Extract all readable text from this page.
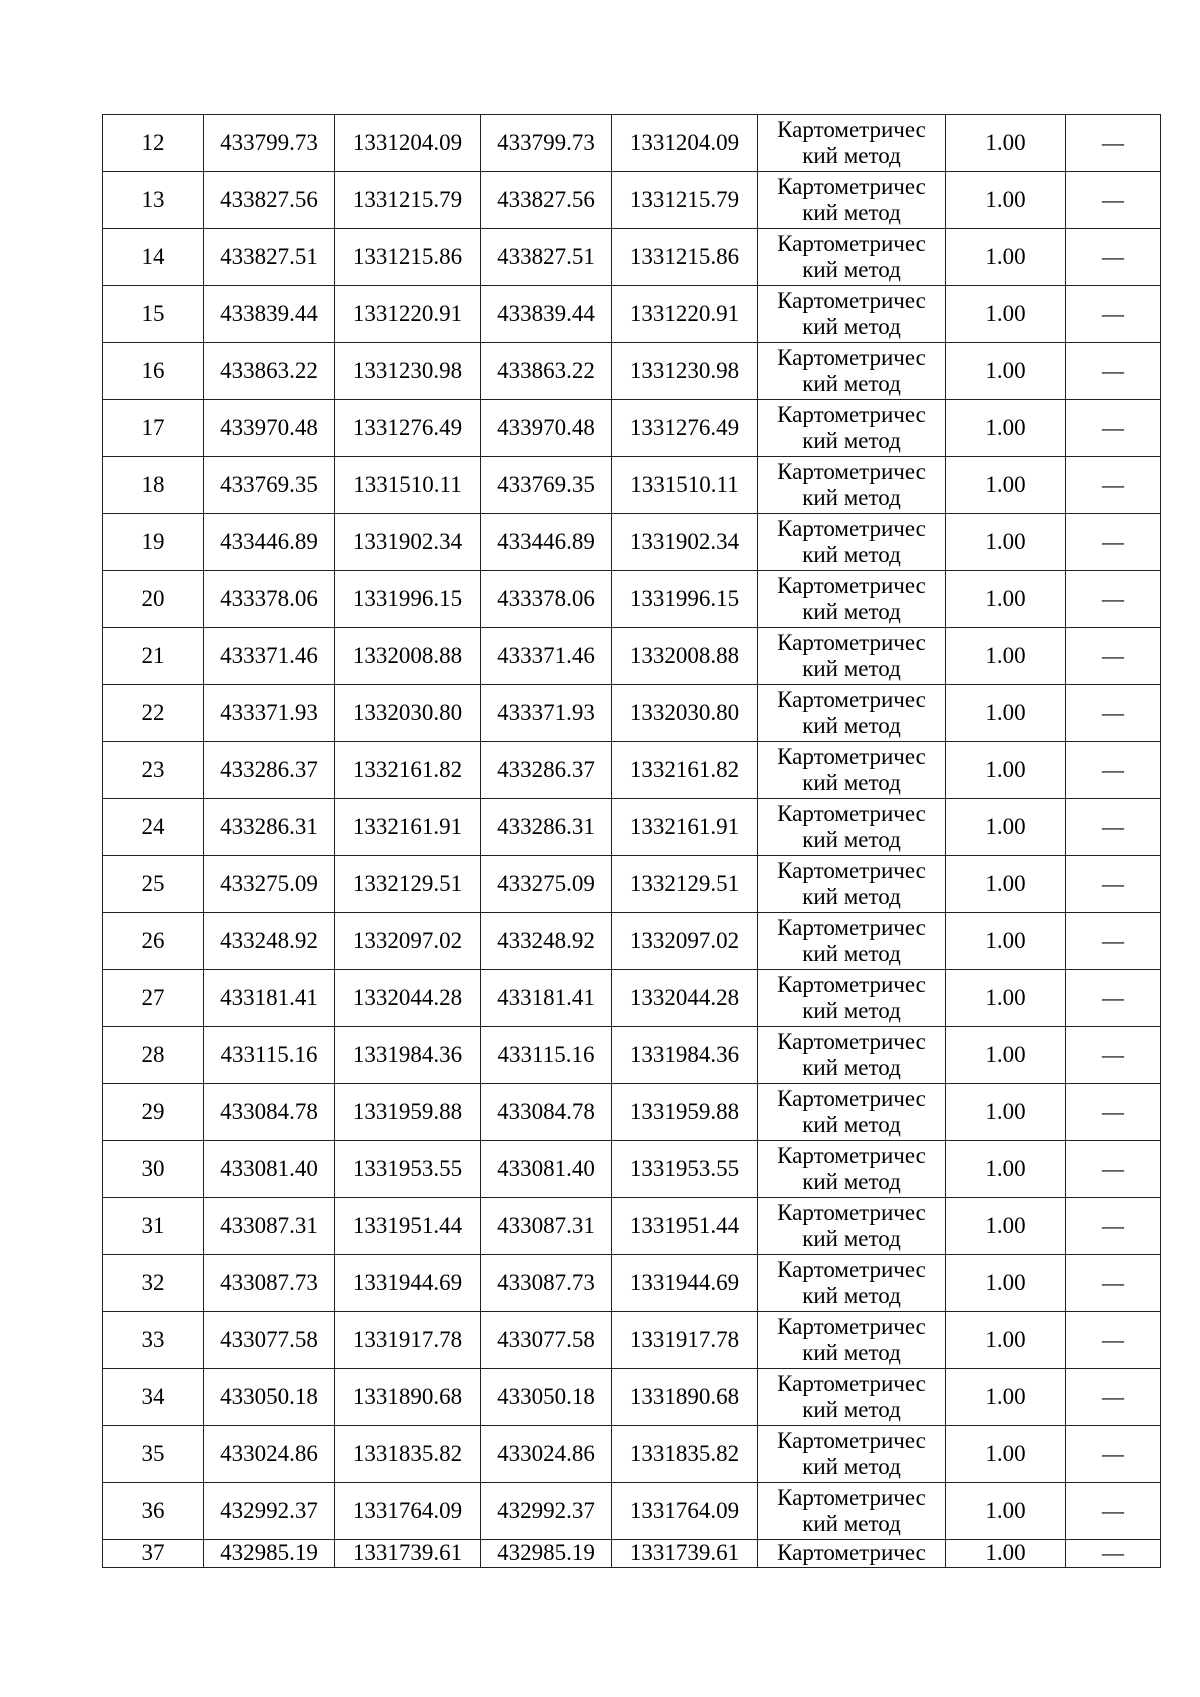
12	433799.73	1331204.09	433799.73	1331204.09	Картометричес
кий метод	1.00	—
13	433827.56	1331215.79	433827.56	1331215.79	Картометричес
кий метод	1.00	—
14	433827.51	1331215.86	433827.51	1331215.86	Картометричес
кий метод	1.00	—
15	433839.44	1331220.91	433839.44	1331220.91	Картометричес
кий метод	1.00	—
16	433863.22	1331230.98	433863.22	1331230.98	Картометричес
кий метод	1.00	—
17	433970.48	1331276.49	433970.48	1331276.49	Картометричес
кий метод	1.00	—
18	433769.35	1331510.11	433769.35	1331510.11	Картометричес
кий метод	1.00	—
19	433446.89	1331902.34	433446.89	1331902.34	Картометричес
кий метод	1.00	—
20	433378.06	1331996.15	433378.06	1331996.15	Картометричес
кий метод	1.00	—
21	433371.46	1332008.88	433371.46	1332008.88	Картометричес
кий метод	1.00	—
22	433371.93	1332030.80	433371.93	1332030.80	Картометричес
кий метод	1.00	—
23	433286.37	1332161.82	433286.37	1332161.82	Картометричес
кий метод	1.00	—
24	433286.31	1332161.91	433286.31	1332161.91	Картометричес
кий метод	1.00	—
25	433275.09	1332129.51	433275.09	1332129.51	Картометричес
кий метод	1.00	—
26	433248.92	1332097.02	433248.92	1332097.02	Картометричес
кий метод	1.00	—
27	433181.41	1332044.28	433181.41	1332044.28	Картометричес
кий метод	1.00	—
28	433115.16	1331984.36	433115.16	1331984.36	Картометричес
кий метод	1.00	—
29	433084.78	1331959.88	433084.78	1331959.88	Картометричес
кий метод	1.00	—
30	433081.40	1331953.55	433081.40	1331953.55	Картометричес
кий метод	1.00	—
31	433087.31	1331951.44	433087.31	1331951.44	Картометричес
кий метод	1.00	—
32	433087.73	1331944.69	433087.73	1331944.69	Картометричес
кий метод	1.00	—
33	433077.58	1331917.78	433077.58	1331917.78	Картометричес
кий метод	1.00	—
34	433050.18	1331890.68	433050.18	1331890.68	Картометричес
кий метод	1.00	—
35	433024.86	1331835.82	433024.86	1331835.82	Картометричес
кий метод	1.00	—
36	432992.37	1331764.09	432992.37	1331764.09	Картометричес
кий метод	1.00	—
37	432985.19	1331739.61	432985.19	1331739.61	Картометричес	1.00	—
